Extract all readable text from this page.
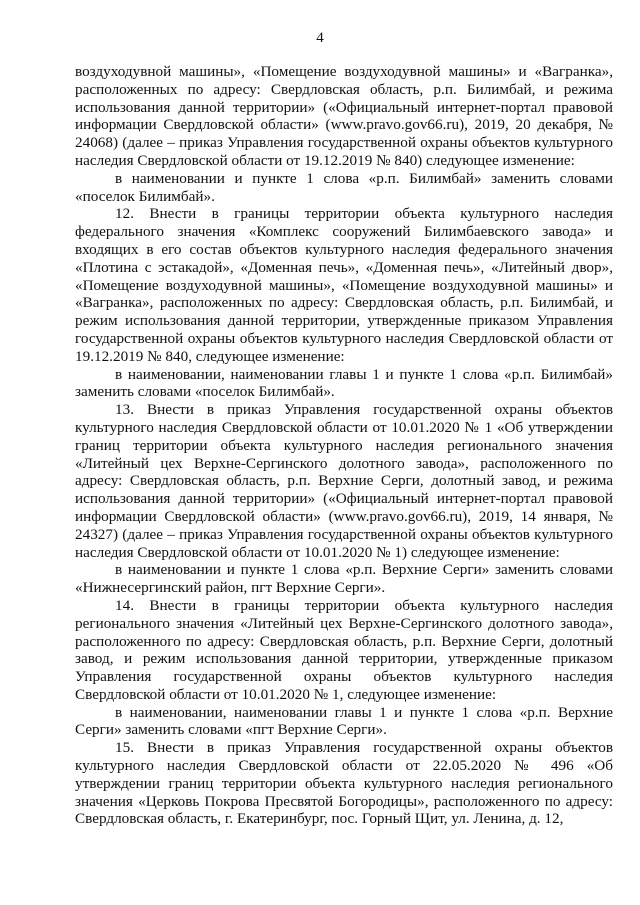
4

воздуходувной машины», «Помещение воздуходувной машины» и «Вагранка», расположенных по адресу: Свердловская область, р.п. Билимбай, и режима использования данной территории» («Официальный интернет-портал правовой информации Свердловской области» (www.pravo.gov66.ru), 2019, 20 декабря, № 24068) (далее – приказ Управления государственной охраны объектов культурного наследия Свердловской области от 19.12.2019 № 840) следующее изменение:

в наименовании и пункте 1 слова «р.п. Билимбай» заменить словами «поселок Билимбай».

12. Внести в границы территории объекта культурного наследия федерального значения «Комплекс сооружений Билимбаевского завода» и входящих в его состав объектов культурного наследия федерального значения «Плотина с эстакадой», «Доменная печь», «Доменная печь», «Литейный двор», «Помещение воздуходувной машины», «Помещение воздуходувной машины» и «Вагранка», расположенных по адресу: Свердловская область, р.п. Билимбай, и режим использования данной территории, утвержденные приказом Управления государственной охраны объектов культурного наследия Свердловской области от 19.12.2019 № 840, следующее изменение:

в наименовании, наименовании главы 1 и пункте 1 слова «р.п. Билимбай» заменить словами «поселок Билимбай».

13. Внести в приказ Управления государственной охраны объектов культурного наследия Свердловской области от 10.01.2020 № 1 «Об утверждении границ территории объекта культурного наследия регионального значения «Литейный цех Верхне-Сергинского долотного завода», расположенного по адресу: Свердловская область, р.п. Верхние Серги, долотный завод, и режима использования данной территории» («Официальный интернет-портал правовой информации Свердловской области» (www.pravo.gov66.ru), 2019, 14 января, № 24327) (далее – приказ Управления государственной охраны объектов культурного наследия Свердловской области от 10.01.2020 № 1) следующее изменение:

в наименовании и пункте 1 слова «р.п. Верхние Серги» заменить словами «Нижнесергинский район, пгт Верхние Серги».

14. Внести в границы территории объекта культурного наследия регионального значения «Литейный цех Верхне-Сергинского долотного завода», расположенного по адресу: Свердловская область, р.п. Верхние Серги, долотный завод, и режим использования данной территории, утвержденные приказом Управления государственной охраны объектов культурного наследия Свердловской области от 10.01.2020 № 1, следующее изменение:

в наименовании, наименовании главы 1 и пункте 1 слова «р.п. Верхние Серги» заменить словами «пгт Верхние Серги».

15. Внести в приказ Управления государственной охраны объектов культурного наследия Свердловской области от 22.05.2020 № 496 «Об утверждении границ территории объекта культурного наследия регионального значения «Церковь Покрова Пресвятой Богородицы», расположенного по адресу: Свердловская область, г. Екатеринбург, пос. Горный Щит, ул. Ленина, д. 12,
